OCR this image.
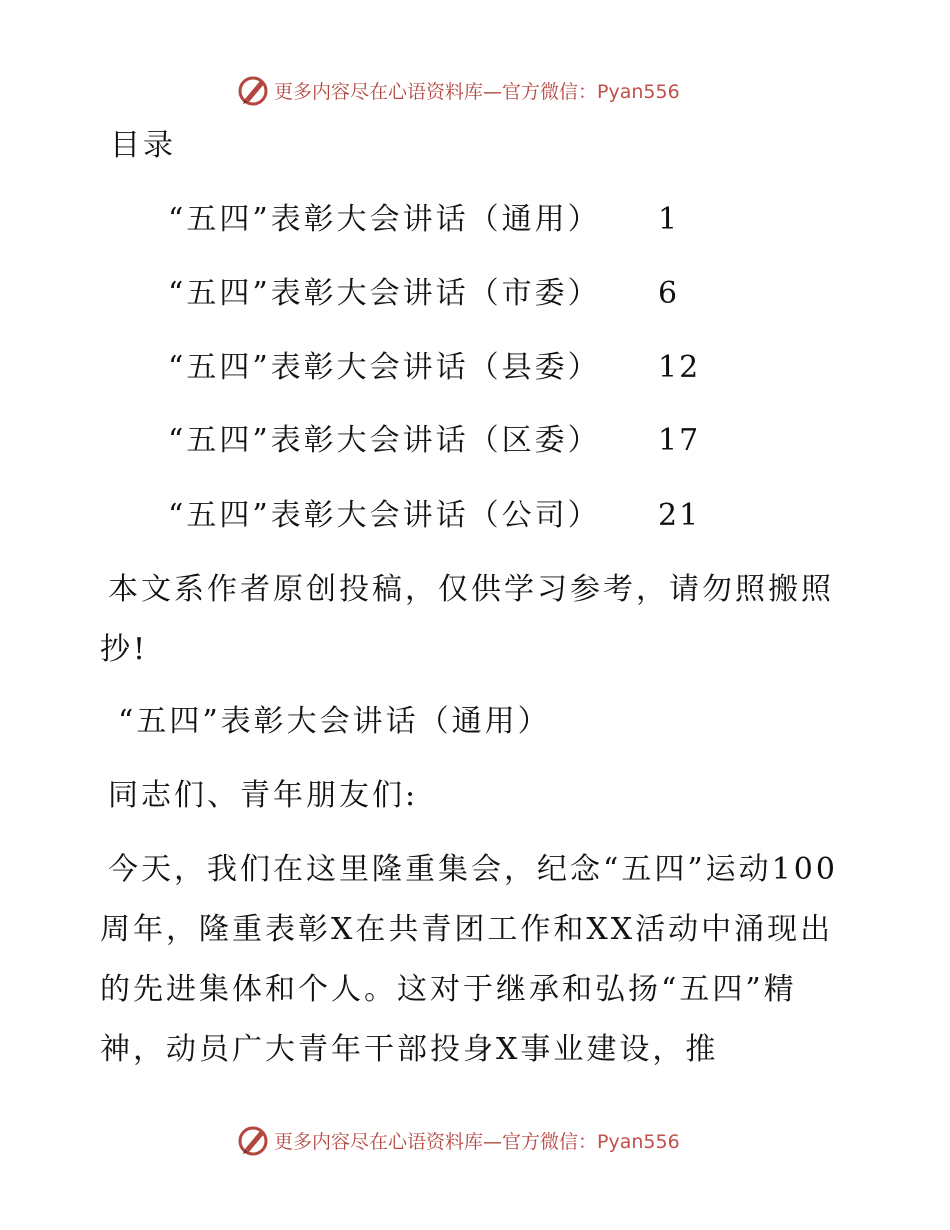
更多内容尽在心语资料库—官方微信：Pyan556
目录
“五四”表彰大会讲话（通用） 1
“五四”表彰大会讲话（市委） 6
“五四”表彰大会讲话（县委） 12
“五四”表彰大会讲话（区委） 17
“五四”表彰大会讲话（公司） 21
本文系作者原创投稿，仅供学习参考，请勿照搬照抄!
“五四”表彰大会讲话（通用）
同志们、青年朋友们:
今天，我们在这里隆重集会，纪念“五四”运动100周年，隆重表彰X在共青团工作和XX活动中涌现出的先进集体和个人。这对于继承和弘扬“五四”精神，动员广大青年干部投身X事业建设，推
更多内容尽在心语资料库—官方微信：Pyan556
